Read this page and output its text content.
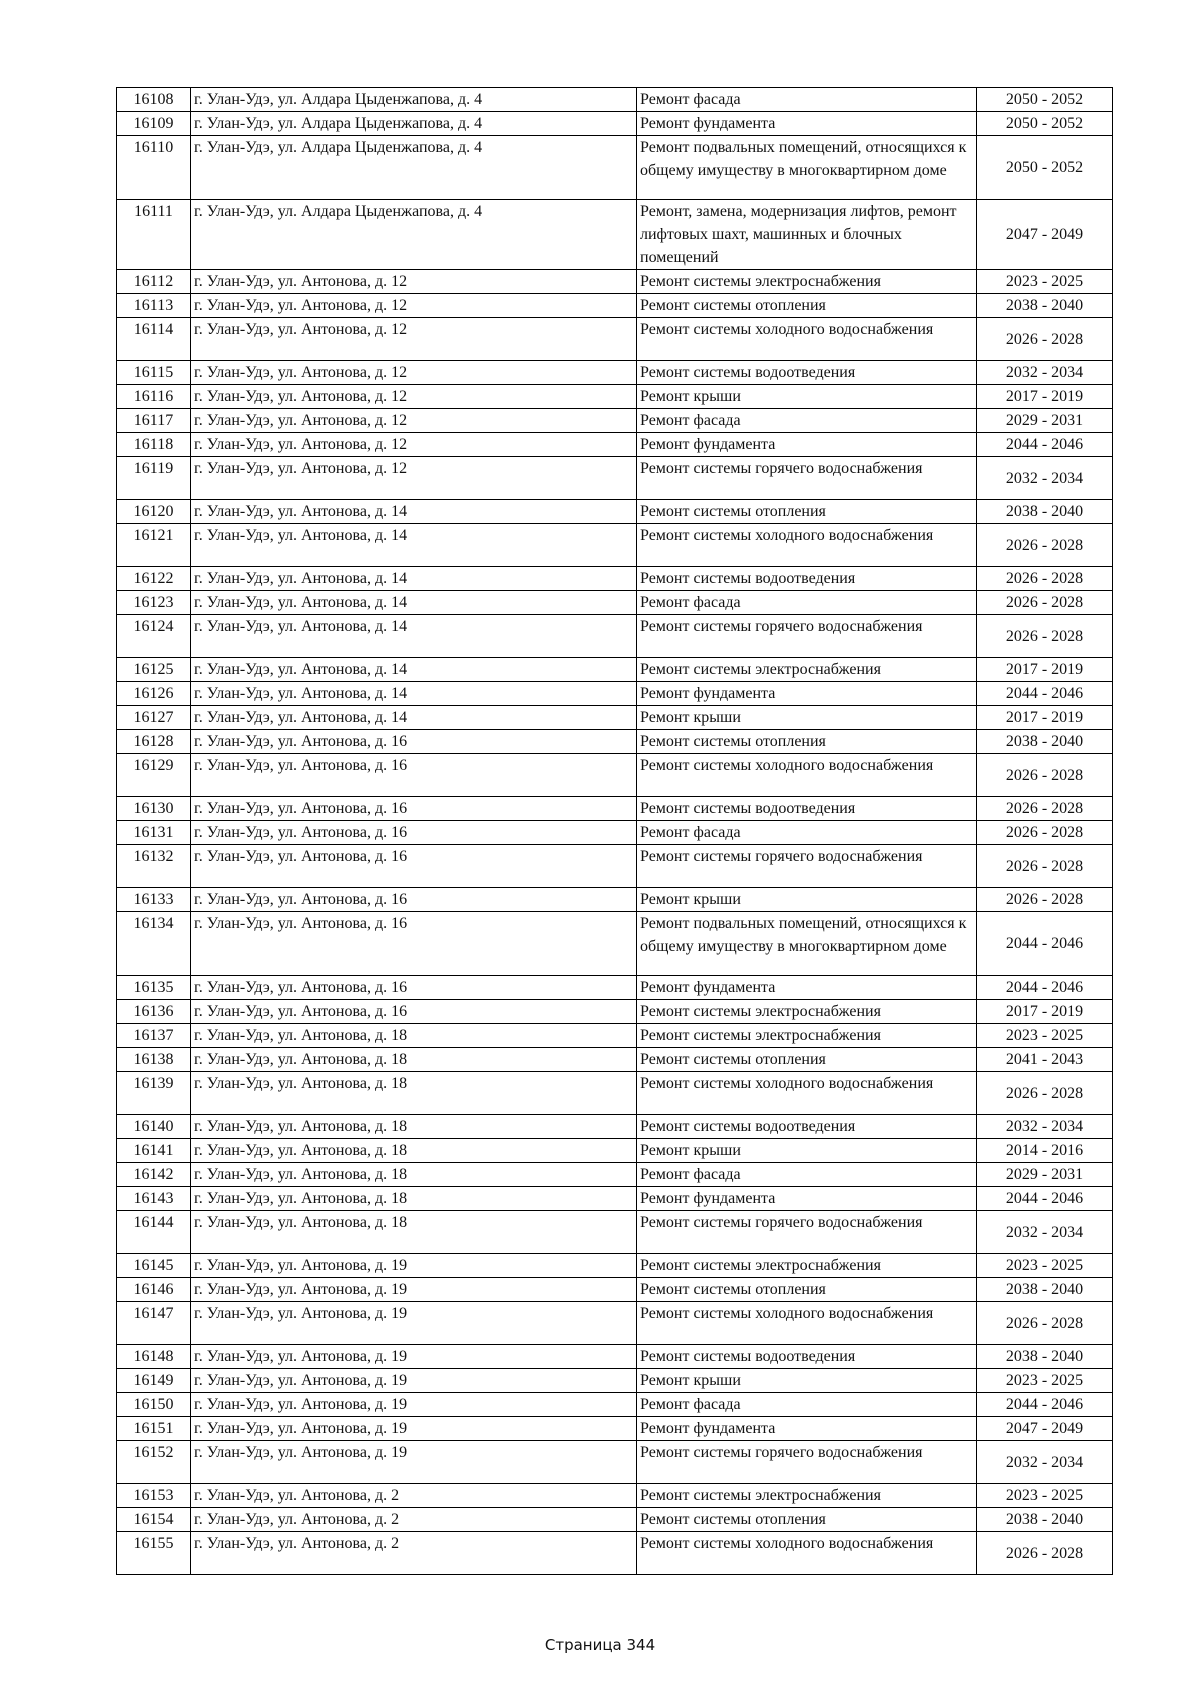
16108	г. Улан-Удэ, ул. Алдара Цыденжапова, д. 4	Ремонт фасада	2050 - 2052
16109	г. Улан-Удэ, ул. Алдара Цыденжапова, д. 4	Ремонт фундамента	2050 - 2052
16110	г. Улан-Удэ, ул. Алдара Цыденжапова, д. 4	Ремонт подвальных помещений, относящихся к общему имуществу в многоквартирном доме	2050 - 2052
16111	г. Улан-Удэ, ул. Алдара Цыденжапова, д. 4	Ремонт, замена, модернизация лифтов, ремонт лифтовых шахт, машинных и блочных помещений	2047 - 2049
16112	г. Улан-Удэ, ул. Антонова, д. 12	Ремонт системы электроснабжения	2023 - 2025
16113	г. Улан-Удэ, ул. Антонова, д. 12	Ремонт системы отопления	2038 - 2040
16114	г. Улан-Удэ, ул. Антонова, д. 12	Ремонт системы холодного водоснабжения	2026 - 2028
16115	г. Улан-Удэ, ул. Антонова, д. 12	Ремонт системы водоотведения	2032 - 2034
16116	г. Улан-Удэ, ул. Антонова, д. 12	Ремонт крыши	2017 - 2019
16117	г. Улан-Удэ, ул. Антонова, д. 12	Ремонт фасада	2029 - 2031
16118	г. Улан-Удэ, ул. Антонова, д. 12	Ремонт фундамента	2044 - 2046
16119	г. Улан-Удэ, ул. Антонова, д. 12	Ремонт системы горячего водоснабжения	2032 - 2034
16120	г. Улан-Удэ, ул. Антонова, д. 14	Ремонт системы отопления	2038 - 2040
16121	г. Улан-Удэ, ул. Антонова, д. 14	Ремонт системы холодного водоснабжения	2026 - 2028
16122	г. Улан-Удэ, ул. Антонова, д. 14	Ремонт системы водоотведения	2026 - 2028
16123	г. Улан-Удэ, ул. Антонова, д. 14	Ремонт фасада	2026 - 2028
16124	г. Улан-Удэ, ул. Антонова, д. 14	Ремонт системы горячего водоснабжения	2026 - 2028
16125	г. Улан-Удэ, ул. Антонова, д. 14	Ремонт системы электроснабжения	2017 - 2019
16126	г. Улан-Удэ, ул. Антонова, д. 14	Ремонт фундамента	2044 - 2046
16127	г. Улан-Удэ, ул. Антонова, д. 14	Ремонт крыши	2017 - 2019
16128	г. Улан-Удэ, ул. Антонова, д. 16	Ремонт системы отопления	2038 - 2040
16129	г. Улан-Удэ, ул. Антонова, д. 16	Ремонт системы холодного водоснабжения	2026 - 2028
16130	г. Улан-Удэ, ул. Антонова, д. 16	Ремонт системы водоотведения	2026 - 2028
16131	г. Улан-Удэ, ул. Антонова, д. 16	Ремонт фасада	2026 - 2028
16132	г. Улан-Удэ, ул. Антонова, д. 16	Ремонт системы горячего водоснабжения	2026 - 2028
16133	г. Улан-Удэ, ул. Антонова, д. 16	Ремонт крыши	2026 - 2028
16134	г. Улан-Удэ, ул. Антонова, д. 16	Ремонт подвальных помещений, относящихся к общему имуществу в многоквартирном доме	2044 - 2046
16135	г. Улан-Удэ, ул. Антонова, д. 16	Ремонт фундамента	2044 - 2046
16136	г. Улан-Удэ, ул. Антонова, д. 16	Ремонт системы электроснабжения	2017 - 2019
16137	г. Улан-Удэ, ул. Антонова, д. 18	Ремонт системы электроснабжения	2023 - 2025
16138	г. Улан-Удэ, ул. Антонова, д. 18	Ремонт системы отопления	2041 - 2043
16139	г. Улан-Удэ, ул. Антонова, д. 18	Ремонт системы холодного водоснабжения	2026 - 2028
16140	г. Улан-Удэ, ул. Антонова, д. 18	Ремонт системы водоотведения	2032 - 2034
16141	г. Улан-Удэ, ул. Антонова, д. 18	Ремонт крыши	2014 - 2016
16142	г. Улан-Удэ, ул. Антонова, д. 18	Ремонт фасада	2029 - 2031
16143	г. Улан-Удэ, ул. Антонова, д. 18	Ремонт фундамента	2044 - 2046
16144	г. Улан-Удэ, ул. Антонова, д. 18	Ремонт системы горячего водоснабжения	2032 - 2034
16145	г. Улан-Удэ, ул. Антонова, д. 19	Ремонт системы электроснабжения	2023 - 2025
16146	г. Улан-Удэ, ул. Антонова, д. 19	Ремонт системы отопления	2038 - 2040
16147	г. Улан-Удэ, ул. Антонова, д. 19	Ремонт системы холодного водоснабжения	2026 - 2028
16148	г. Улан-Удэ, ул. Антонова, д. 19	Ремонт системы водоотведения	2038 - 2040
16149	г. Улан-Удэ, ул. Антонова, д. 19	Ремонт крыши	2023 - 2025
16150	г. Улан-Удэ, ул. Антонова, д. 19	Ремонт фасада	2044 - 2046
16151	г. Улан-Удэ, ул. Антонова, д. 19	Ремонт фундамента	2047 - 2049
16152	г. Улан-Удэ, ул. Антонова, д. 19	Ремонт системы горячего водоснабжения	2032 - 2034
16153	г. Улан-Удэ, ул. Антонова, д. 2	Ремонт системы электроснабжения	2023 - 2025
16154	г. Улан-Удэ, ул. Антонова, д. 2	Ремонт системы отопления	2038 - 2040
16155	г. Улан-Удэ, ул. Антонова, д. 2	Ремонт системы холодного водоснабжения	2026 - 2028
Страница 344
